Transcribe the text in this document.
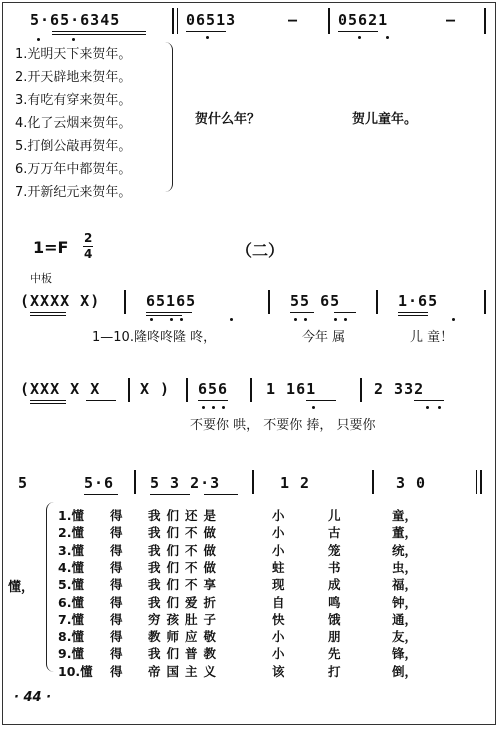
5·65·6345	06513	–	05621	–
1.光明天下来贺年。
2.开天辟地来贺年。
3.有吃有穿来贺年。
4.化了云烟来贺年。
5.打倒公敲再贺年。
6.万万年中都贺年。
7.开新纪元来贺年。
贺什么年？	贺儿童年。
1=F 2
4	（二）
中板
(XXXX X)	65165	55 65	1·65
1—10.隆咚咚隆 咚，	今年 属	儿 童！
(XXX X X	X ) 656	1 161	2 332
不要你 哄， 不要你 捧， 只要你
5	5·6 5 3 2·3	1 2	3 0
懂，
1.懂 得 我们还是	小	儿	童，
2.懂 得 我们不做	小	古	董，
3.懂 得 我们不做	小	笼	统，
4.懂 得 我们不做	蛀	书	虫，
5.懂 得 我们不享	现	成	福，
6.懂 得 我们爱折	自	鸣	钟，
7.懂 得 穷孩肚子	快	饿	通，
8.懂 得 教师应敬	小	朋	友，
9.懂 得 我们普教	小	先	锋，
10.懂 得 帝国主义	该	打	倒，
· 44 ·
